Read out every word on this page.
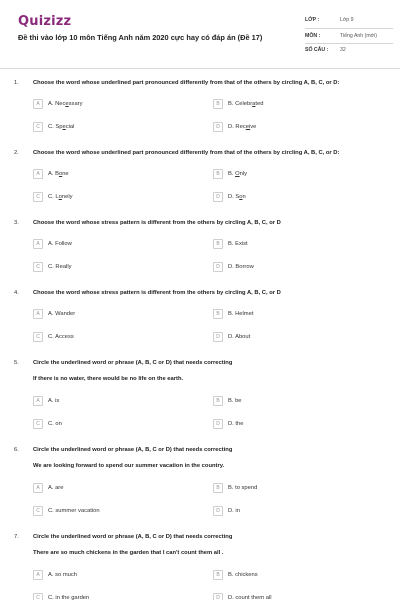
Quizizz
Đề thi vào lớp 10 môn Tiếng Anh năm 2020 cực hay có đáp án (Đề 17)
LỚP :	Lớp 9
MÔN :	Tiếng Anh (mới)
SỐ CÂU :	32
1. Choose the word whose underlined part pronounced differently from that of the others by circling A, B, C, or D:
A	A. Necessary	B	B. Celebrated
C	C. Special	D	D. Receive
2. Choose the word whose underlined part pronounced differently from that of the others by circling A, B, C, or D:
A	A. Bone	B	B. Only
C	C. Lonely	D	D. Son
3. Choose the word whose stress pattern is different from the others by circling A, B, C, or D
A	A. Follow	B	B. Exist
C	C. Really	D	D. Borrow
4. Choose the word whose stress pattern is different from the others by circling A, B, C, or D
A	A. Wander	B	B. Helmet
C	C. Access	D	D. About
5. Circle the underlined word or phrase (A, B, C or D) that needs correcting
If there is no water, there would be no life on the earth.
A	A. is	B	B. be
C	C. on	D	D. the
6. Circle the underlined word or phrase (A, B, C or D) that needs correcting
We are looking forward to spend our summer vacation in the country.
A	A. are	B	B. to spend
C	C. summer vacation	D	D. in
7. Circle the underlined word or phrase (A, B, C or D) that needs correcting
There are so much chickens in the garden that I can't count them all .
A	A. so much	B	B. chickens
C	C. in the garden	D	D. count them all
